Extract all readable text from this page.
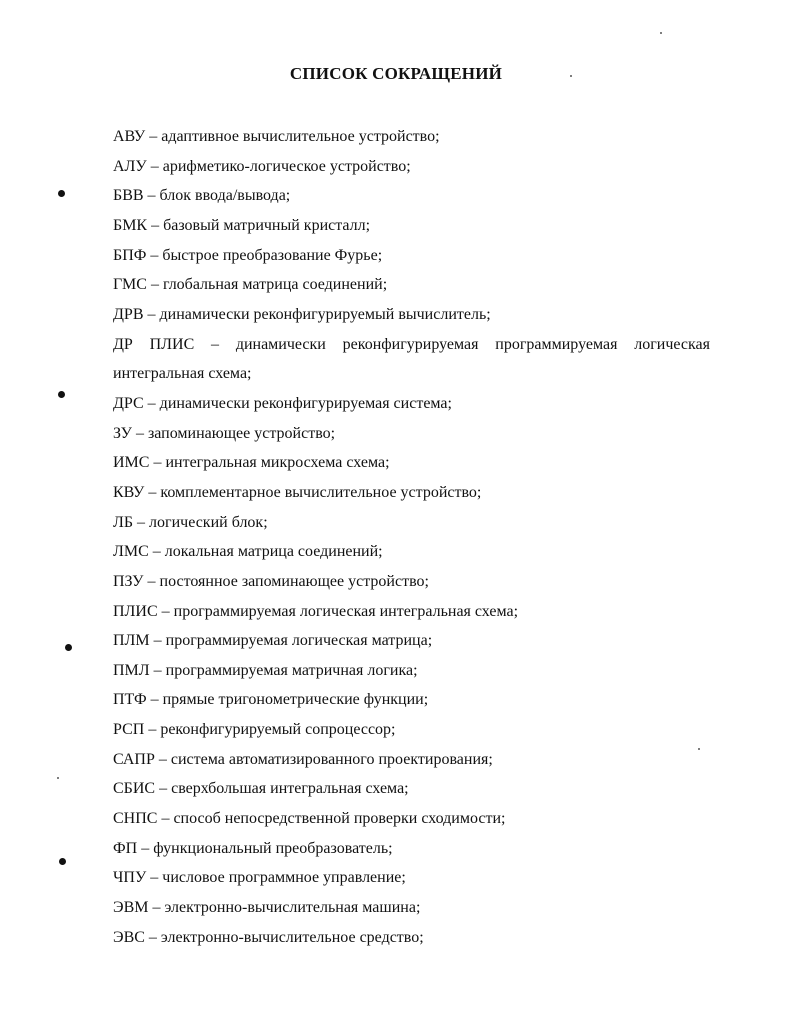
СПИСОК СОКРАЩЕНИЙ
АВУ – адаптивное вычислительное устройство;
АЛУ – арифметико-логическое устройство;
БВВ – блок ввода/вывода;
БМК – базовый матричный кристалл;
БПФ – быстрое преобразование Фурье;
ГМС – глобальная матрица соединений;
ДРВ – динамически реконфигурируемый вычислитель;
ДР ПЛИС – динамически реконфигурируемая программируемая логическая интегральная схема;
ДРС – динамически реконфигурируемая система;
ЗУ – запоминающее устройство;
ИМС – интегральная микросхема схема;
КВУ – комплементарное вычислительное устройство;
ЛБ – логический блок;
ЛМС – локальная матрица соединений;
ПЗУ – постоянное запоминающее устройство;
ПЛИС – программируемая логическая интегральная схема;
ПЛМ – программируемая логическая матрица;
ПМЛ – программируемая матричная логика;
ПТФ – прямые тригонометрические функции;
РСП – реконфигурируемый сопроцессор;
САПР – система автоматизированного проектирования;
СБИС – сверхбольшая интегральная схема;
СНПС – способ непосредственной проверки сходимости;
ФП – функциональный преобразователь;
ЧПУ – числовое программное управление;
ЭВМ – электронно-вычислительная машина;
ЭВС – электронно-вычислительное средство;
